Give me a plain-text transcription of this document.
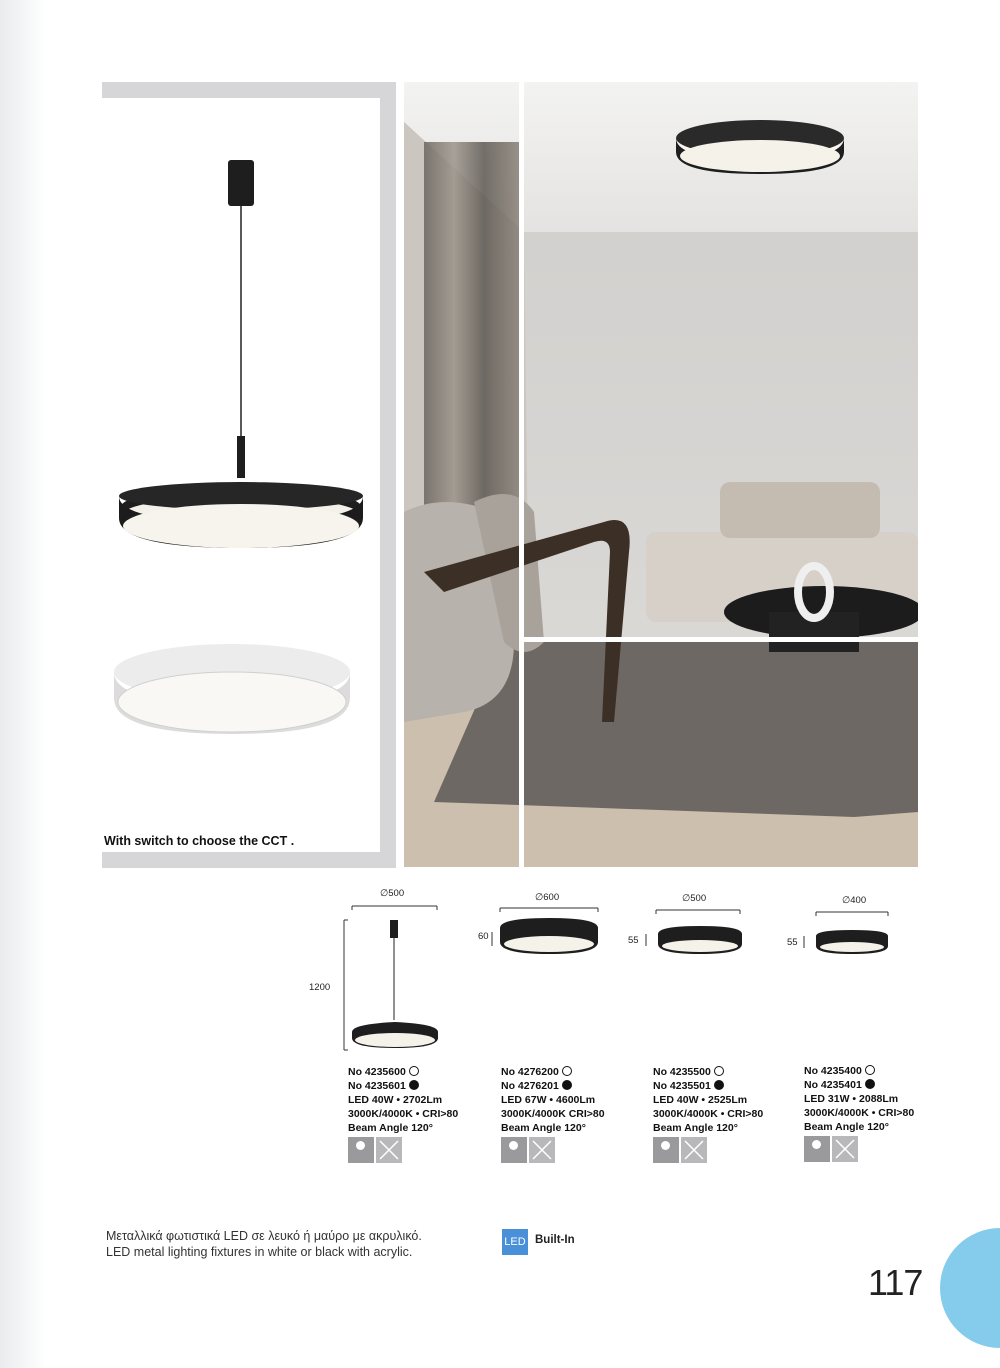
With switch to choose the CCT .
∅500
1200
∅600
60
∅500
55
∅400
55
No 4235600
No 4235601
LED 40W • 2702Lm
3000K/4000K • CRI>80
Beam Angle 120°
No 4276200
No 4276201
LED 67W • 4600Lm
3000K/4000K CRI>80
Beam Angle 120°
No 4235500
No 4235501
LED 40W • 2525Lm
3000K/4000K • CRI>80
Beam Angle 120°
No 4235400
No 4235401
LED 31W • 2088Lm
3000K/4000K • CRI>80
Beam Angle 120°
Μεταλλικά φωτιστικά LED σε λευκό ή μαύρο με ακρυλικό.
LED metal lighting fixtures in white or black with acrylic.
LED Built-In
117
